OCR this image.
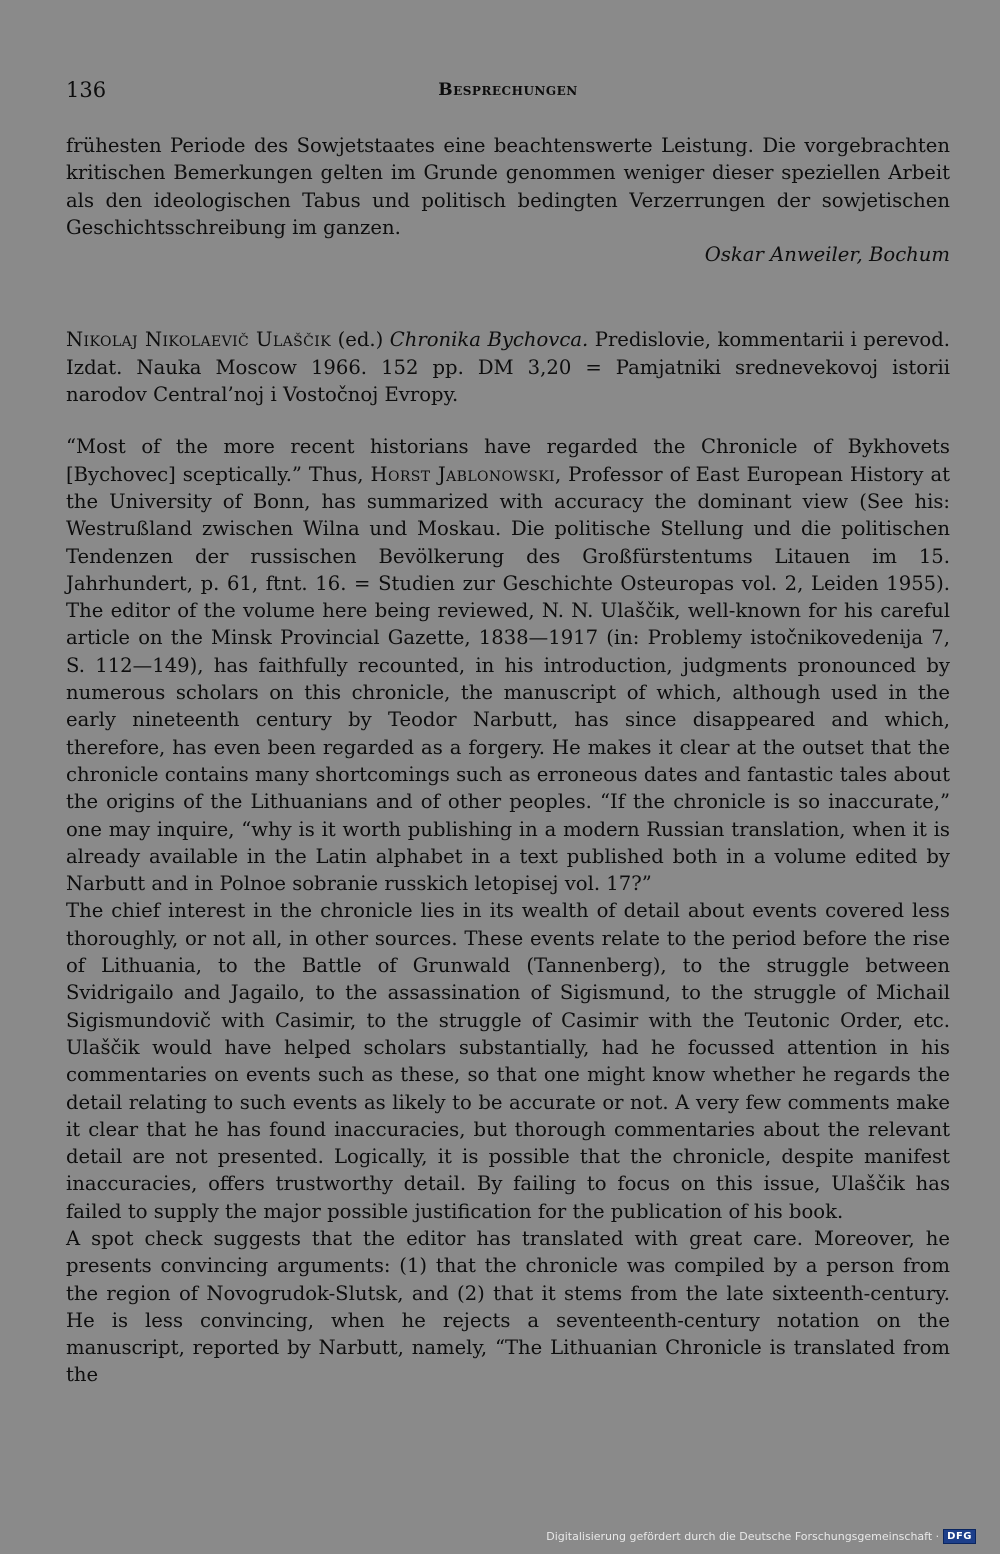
136	Besprechungen

frühesten Periode des Sowjetstaates eine beachtenswerte Leistung. Die vorgebrachten kritischen Bemerkungen gelten im Grunde genommen weniger dieser speziellen Arbeit als den ideologischen Tabus und politisch bedingten Verzerrungen der sowjetischen Geschichtsschreibung im ganzen.

Oskar Anweiler, Bochum

Nikolaj Nikolaevič Ulaščik (ed.) Chronika Bychovca. Predislovie, kommentarii i perevod. Izdat. Nauka Moscow 1966. 152 pp. DM 3,20 = Pamjatniki srednevekovoj istorii narodov Central’noj i Vostočnoj Evropy.

“Most of the more recent historians have regarded the Chronicle of Bykhovets [Bychovec] sceptically.” Thus, Horst Jablonowski, Professor of East European History at the University of Bonn, has summarized with accuracy the dominant view (See his: Westrußland zwischen Wilna und Moskau. Die politische Stellung und die politischen Tendenzen der russischen Bevölkerung des Großfürstentums Litauen im 15. Jahrhundert, p. 61, ftnt. 16. = Studien zur Geschichte Osteuropas vol. 2, Leiden 1955). The editor of the volume here being reviewed, N. N. Ulaščik, well-known for his careful article on the Minsk Provincial Gazette, 1838—1917 (in: Problemy istočnikovedenija 7, S. 112—149), has faithfully recounted, in his introduction, judgments pronounced by numerous scholars on this chronicle, the manuscript of which, although used in the early nineteenth century by Teodor Narbutt, has since disappeared and which, therefore, has even been regarded as a forgery. He makes it clear at the outset that the chronicle contains many shortcomings such as erroneous dates and fantastic tales about the origins of the Lithuanians and of other peoples. “If the chronicle is so inaccurate,” one may inquire, “why is it worth publishing in a modern Russian translation, when it is already available in the Latin alphabet in a text published both in a volume edited by Narbutt and in Polnoe sobranie russkich letopisej vol. 17?”

The chief interest in the chronicle lies in its wealth of detail about events covered less thoroughly, or not all, in other sources. These events relate to the period before the rise of Lithuania, to the Battle of Grunwald (Tannenberg), to the struggle between Svidrigailo and Jagailo, to the assassination of Sigismund, to the struggle of Michail Sigismundovič with Casimir, to the struggle of Casimir with the Teutonic Order, etc. Ulaščik would have helped scholars substantially, had he focussed attention in his commentaries on events such as these, so that one might know whether he regards the detail relating to such events as likely to be accurate or not. A very few comments make it clear that he has found inaccuracies, but thorough commentaries about the relevant detail are not presented. Logically, it is possible that the chronicle, despite manifest inaccuracies, offers trustworthy detail. By failing to focus on this issue, Ulaščik has failed to supply the major possible justification for the publication of his book.

A spot check suggests that the editor has translated with great care. Moreover, he presents convincing arguments: (1) that the chronicle was compiled by a person from the region of Novogrudok-Slutsk, and (2) that it stems from the late sixteenth-century. He is less convincing, when he rejects a seventeenth-century notation on the manuscript, reported by Narbutt, namely, “The Lithuanian Chronicle is translated from the

Digitalisierung gefördert durch die Deutsche Forschungsgemeinschaft · DFG
